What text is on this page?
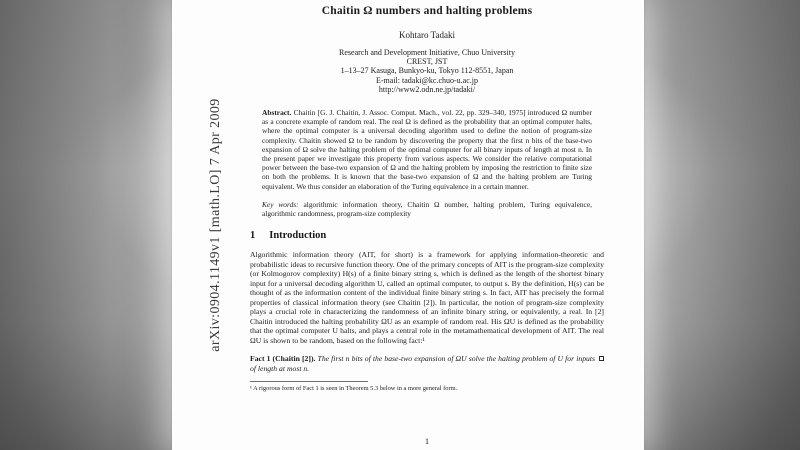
arXiv:0904.1149v1 [math.LO] 7 Apr 2009
Chaitin Ω numbers and halting problems
Kohtaro Tadaki
Research and Development Initiative, Chuo University
CREST, JST
1–13–27 Kasuga, Bunkyo-ku, Tokyo 112-8551, Japan
E-mail: tadaki@kc.chuo-u.ac.jp
http://www2.odn.ne.jp/tadaki/
Abstract. Chaitin [G. J. Chaitin, J. Assoc. Comput. Mach., vol. 22, pp. 329–340, 1975] introduced Ω number as a concrete example of random real. The real Ω is defined as the probability that an optimal computer halts, where the optimal computer is a universal decoding algorithm used to define the notion of program-size complexity. Chaitin showed Ω to be random by discovering the property that the first n bits of the base-two expansion of Ω solve the halting problem of the optimal computer for all binary inputs of length at most n. In the present paper we investigate this property from various aspects. We consider the relative computational power between the base-two expansion of Ω and the halting problem by imposing the restriction to finite size on both the problems. It is known that the base-two expansion of Ω and the halting problem are Turing equivalent. We thus consider an elaboration of the Turing equivalence in a certain manner.
Key words: algorithmic information theory, Chaitin Ω number, halting problem, Turing equivalence, algorithmic randomness, program-size complexity
1 Introduction

Algorithmic information theory (AIT, for short) is a framework for applying information-theoretic and probabilistic ideas to recursive function theory. One of the primary concepts of AIT is the program-size complexity (or Kolmogorov complexity) H(s) of a finite binary string s, which is defined as the length of the shortest binary input for a universal decoding algorithm U, called an optimal computer, to output s. By the definition, H(s) can be thought of as the information content of the individual finite binary string s. In fact, AIT has precisely the formal properties of classical information theory (see Chaitin [2]). In particular, the notion of program-size complexity plays a crucial role in characterizing the randomness of an infinite binary string, or equivalently, a real. In [2] Chaitin introduced the halting probability ΩU as an example of random real. His ΩU is defined as the probability that the optimal computer U halts, and plays a central role in the metamathematical development of AIT. The real ΩU is shown to be random, based on the following fact:¹

Fact 1 (Chaitin [2]). The first n bits of the base-two expansion of ΩU solve the halting problem of U for inputs of length at most n.
¹ A rigorous form of Fact 1 is seen in Theorem 5.3 below in a more general form.
1
